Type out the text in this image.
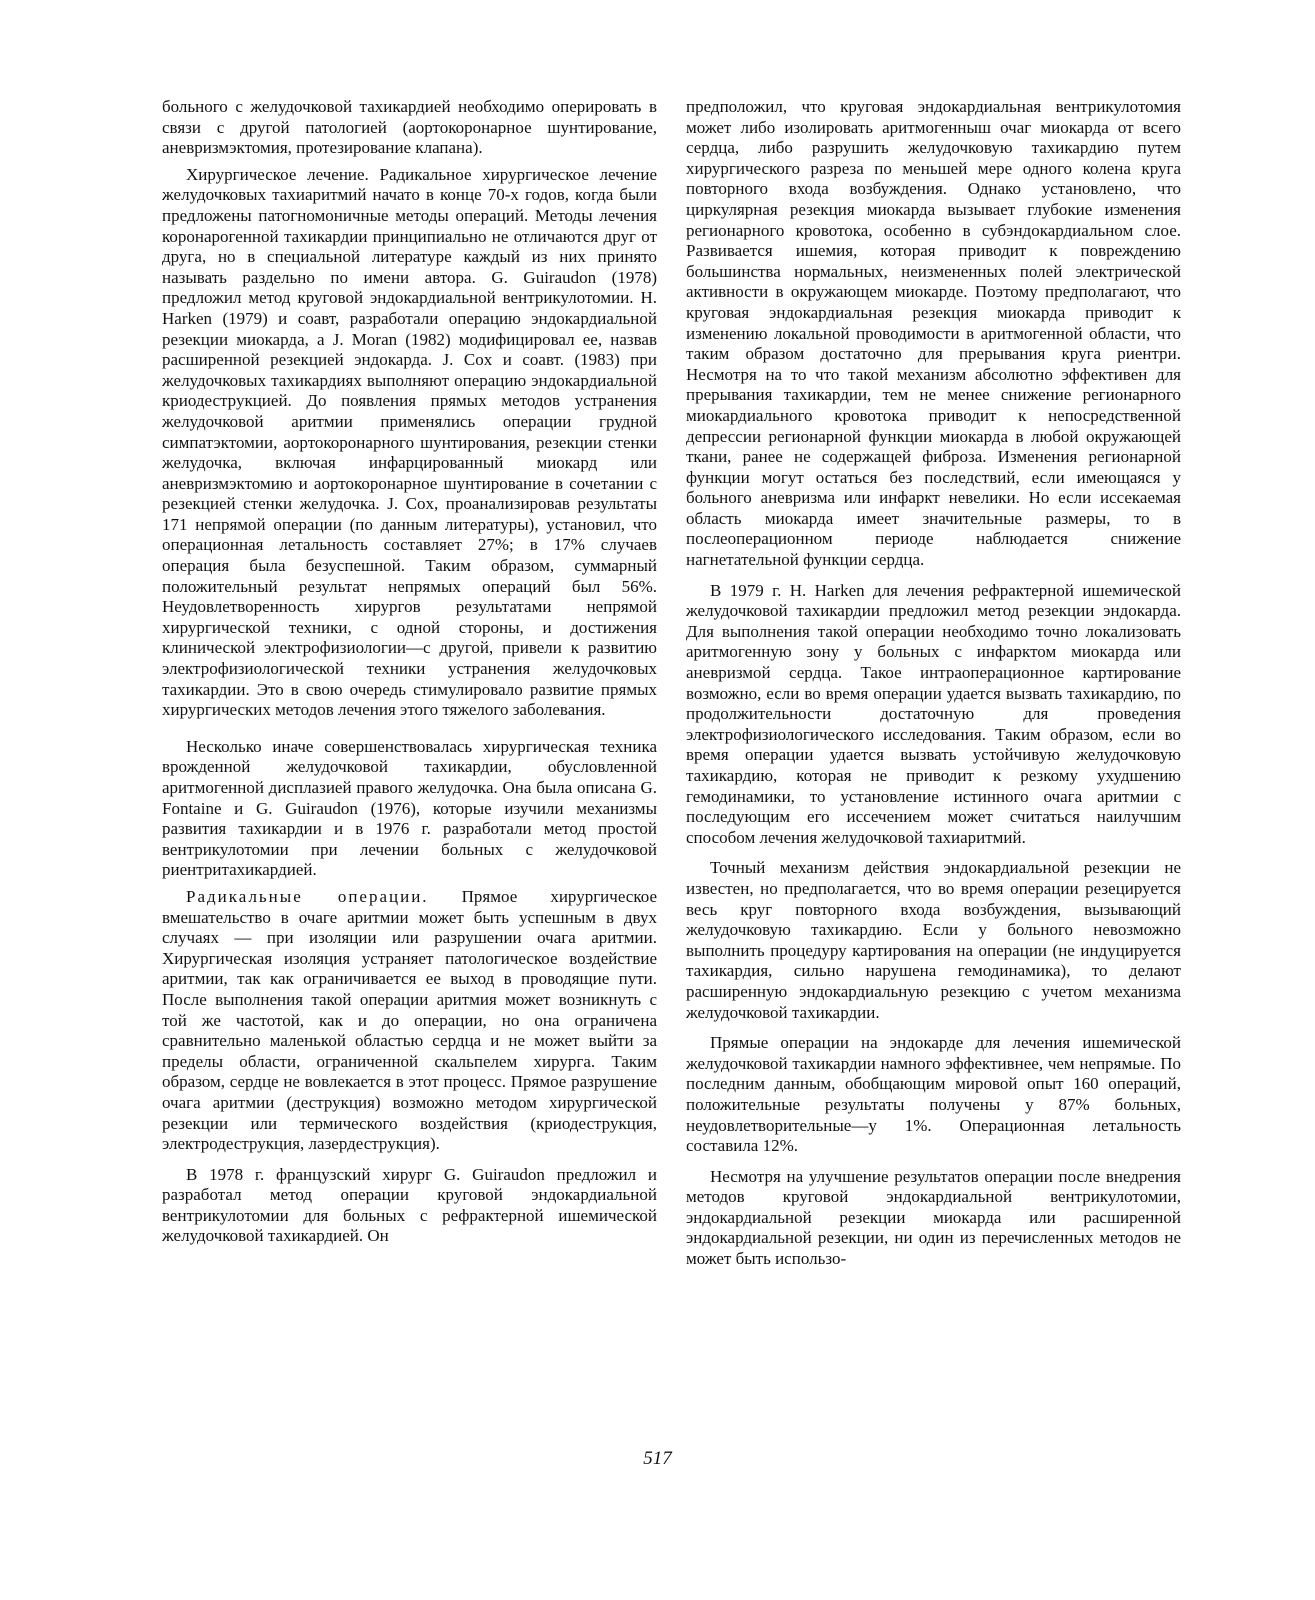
больного с желудочковой тахикардией необходимо оперировать в связи с другой патологией (аортокоронарное шунтирование, аневризмэктомия, протезирование клапана).

Хирургическое лечение. Радикальное хирургическое лечение желудочковых тахиаритмий начато в конце 70-х годов, когда были предложены патогномоничные методы операций. Методы лечения коронарогенной тахикардии принципиально не отличаются друг от друга, но в специальной литературе каждый из них принято называть раздельно по имени автора. G. Guiraudon (1978) предложил метод круговой эндокардиальной вентрикулотомии. H. Harken (1979) и соавт, разработали операцию эндокардиальной резекции миокарда, а J. Moran (1982) модифицировал ее, назвав расширенной резекцией эндокарда. J. Cox и соавт. (1983) при желудочковых тахикардиях выполняют операцию эндокардиальной криодеструкцией. До появления прямых методов устранения желудочковой аритмии применялись операции грудной симпатэктомии, аортокоронарного шунтирования, резекции стенки желудочка, включая инфарцированный миокард или аневризмэктомию и аортокоронарное шунтирование в сочетании с резекцией стенки желудочка. J. Cox, проанализировав результаты 171 непрямой операции (по данным литературы), установил, что операционная летальность составляет 27%; в 17% случаев операция была безуспешной. Таким образом, суммарный положительный результат непрямых операций был 56%. Неудовлетворенность хирургов результатами непрямой хирургической техники, с одной стороны, и достижения клинической электрофизиологии—с другой, привели к развитию электрофизиологической техники устранения желудочковых тахикардии. Это в свою очередь стимулировало развитие прямых хирургических методов лечения этого тяжелого заболевания.

Несколько иначе совершенствовалась хирургическая техника врожденной желудочковой тахикардии, обусловленной аритмогенной дисплазией правого желудочка. Она была описана G. Fontaine и G. Guiraudon (1976), которые изучили механизмы развития тахикардии и в 1976 г. разработали метод простой вентрикулотомии при лечении больных с желудочковой риентритахикардией.

Радикальные операции. Прямое хирургическое вмешательство в очаге аритмии может быть успешным в двух случаях — при изоляции или разрушении очага аритмии. Хирургическая изоляция устраняет патологическое воздействие аритмии, так как ограничивается ее выход в проводящие пути. После выполнения такой операции аритмия может возникнуть с той же частотой, как и до операции, но она ограничена сравнительно маленькой областью сердца и не может выйти за пределы области, ограниченной скальпелем хирурга. Таким образом, сердце не вовлекается в этот процесс. Прямое разрушение очага аритмии (деструкция) возможно методом хирургической резекции или термического воздействия (криодеструкция, электродеструкция, лазердеструкция).

В 1978 г. французский хирург G. Guiraudon предложил и разработал метод операции круговой эндокардиальной вентрикулотомии для больных с рефрактерной ишемической желудочковой тахикардией. Он

предположил, что круговая эндокардиальная вентрикулотомия может либо изолировать аритмогенныш очаг миокарда от всего сердца, либо разрушить желудочковую тахикардию путем хирургического разреза по меньшей мере одного колена круга повторного входа возбуждения. Однако установлено, что циркулярная резекция миокарда вызывает глубокие изменения регионарного кровотока, особенно в субэндокардиальном слое. Развивается ишемия, которая приводит к повреждению большинства нормальных, неизмененных полей электрической активности в окружающем миокарде. Поэтому предполагают, что круговая эндокардиальная резекция миокарда приводит к изменению локальной проводимости в аритмогенной области, что таким образом достаточно для прерывания круга риентри. Несмотря на то что такой механизм абсолютно эффективен для прерывания тахикардии, тем не менее снижение регионарного миокардиального кровотока приводит к непосредственной депрессии регионарной функции миокарда в любой окружающей ткани, ранее не содержащей фиброза. Изменения регионарной функции могут остаться без последствий, если имеющаяся у больного аневризма или инфаркт невелики. Но если иссекаемая область миокарда имеет значительные размеры, то в послеоперационном периоде наблюдается снижение нагнетательной функции сердца.

В 1979 г. H. Harken для лечения рефрактерной ишемической желудочковой тахикардии предложил метод резекции эндокарда. Для выполнения такой операции необходимо точно локализовать аритмогенную зону у больных с инфарктом миокарда или аневризмой сердца. Такое интраоперационное картирование возможно, если во время операции удается вызвать тахикардию, по продолжительности достаточную для проведения электрофизиологического исследования. Таким образом, если во время операции удается вызвать устойчивую желудочковую тахикардию, которая не приводит к резкому ухудшению гемодинамики, то установление истинного очага аритмии с последующим его иссечением может считаться наилучшим способом лечения желудочковой тахиаритмий.

Точный механизм действия эндокардиальной резекции не известен, но предполагается, что во время операции резецируется весь круг повторного входа возбуждения, вызывающий желудочковую тахикардию. Если у больного невозможно выполнить процедуру картирования на операции (не индуцируется тахикардия, сильно нарушена гемодинамика), то делают расширенную эндокардиальную резекцию с учетом механизма желудочковой тахикардии.

Прямые операции на эндокарде для лечения ишемической желудочковой тахикардии намного эффективнее, чем непрямые. По последним данным, обобщающим мировой опыт 160 операций, положительные результаты получены у 87% больных, неудовлетворительные—у 1%. Операционная летальность составила 12%.

Несмотря на улучшение результатов операции после внедрения методов круговой эндокардиальной вентрикулотомии, эндокардиальной резекции миокарда или расширенной эндокардиальной резекции, ни один из перечисленных методов не может быть использо-

517
